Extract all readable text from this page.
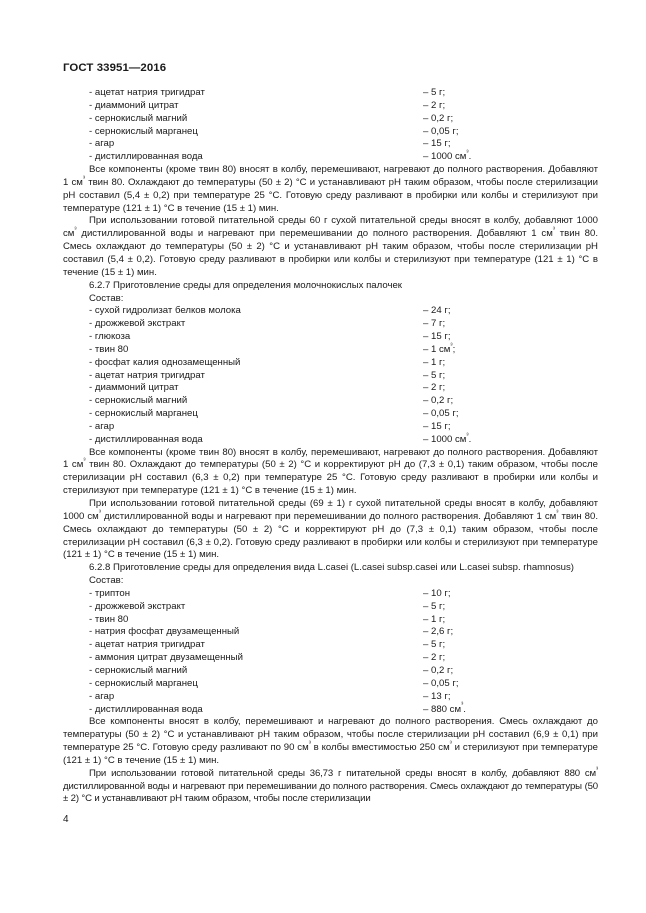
ГОСТ 33951—2016
- ацетат натрия тригидрат	– 5 г;
- диаммоний цитрат	– 2 г;
- сернокислый магний	– 0,2 г;
- сернокислый марганец	– 0,05 г;
- агар	– 15 г;
- дистиллированная вода	– 1000 $см^{^3}$.

Все компоненты (кроме твин 80) вносят в колбу, перемешивают, нагревают до полного растворения. Добавляют 1 $см^{^3}$ твин 80. Охлаждают до температуры (50 ± 2) °С и устанавливают pH таким образом, чтобы после стерилизации pH составил (5,4 ± 0,2) при температуре 25 °С. Готовую среду разливают в пробирки или колбы и стерилизуют при температуре (121 ± 1) °С в течение (15 ± 1) мин.

При использовании готовой питательной среды 60 г сухой питательной среды вносят в колбу, добавляют 1000 $см^{^3}$ дистиллированной воды и нагревают при перемешивании до полного растворения. Добавляют 1 $см^{^3}$ твин 80. Смесь охлаждают до температуры (50 ± 2) °С и устанавливают pH таким образом, чтобы после стерилизации pH составил (5,4 ± 0,2). Готовую среду разливают в пробирки или колбы и стерилизуют при температуре (121 ± 1) °С в течение (15 ± 1) мин.

6.2.7 Приготовление среды для определения молочнокислых палочек

Состав:

- сухой гидролизат белков молока	– 24 г;
- дрожжевой экстракт	– 7 г;
- глюкоза	– 15 г;
- твин 80	– 1 $см^{^3}$;
- фосфат калия однозамещенный	– 1 г;
- ацетат натрия тригидрат	– 5 г;
- диаммоний цитрат	– 2 г;
- сернокислый магний	– 0,2 г;
- сернокислый марганец	– 0,05 г;
- агар	– 15 г;
- дистиллированная вода	– 1000 $см^{^3}$.

Все компоненты (кроме твин 80) вносят в колбу, перемешивают, нагревают до полного растворения. Добавляют 1 $см^{^3}$ твин 80. Охлаждают до температуры (50 ± 2) °С и корректируют pH до (7,3 ± 0,1) таким образом, чтобы после стерилизации pH составил (6,3 ± 0,2) при температуре 25 °С. Готовую среду разливают в пробирки или колбы и стерилизуют при температуре (121 ± 1) °С в течение (15 ± 1) мин.

При использовании готовой питательной среды (69 ± 1) г сухой питательной среды вносят в колбу, добавляют 1000 $см^{^3}$ дистиллированной воды и нагревают при перемешивании до полного растворения. Добавляют 1 $см^{^3}$ твин 80. Смесь охлаждают до температуры (50 ± 2) °С и корректируют pH до (7,3 ± 0,1) таким образом, чтобы после стерилизации pH составил (6,3 ± 0,2). Готовую среду разливают в пробирки или колбы и стерилизуют при температуре (121 ± 1) °С в течение (15 ± 1) мин.

6.2.8 Приготовление среды для определения вида L.casei (L.casei subsp.casei или L.casei subsp. rhamnosus)

Состав:

- триптон	– 10 г;
- дрожжевой экстракт	– 5 г;
- твин 80	– 1 г;
- натрия фосфат двузамещенный	– 2,6 г;
- ацетат натрия тригидрат	– 5 г;
- аммония цитрат двузамещенный	– 2 г;
- сернокислый магний	– 0,2 г;
- сернокислый марганец	– 0,05 г;
- агар	– 13 г;
- дистиллированная вода	– 880 $см^{^3}$.

Все компоненты вносят в колбу, перемешивают и нагревают до полного растворения. Смесь охлаждают до температуры (50 ± 2) °С и устанавливают pH таким образом, чтобы после стерилизации pH составил (6,9 ± 0,1) при температуре 25 °С. Готовую среду разливают по 90 $см^{^3}$ в колбы вместимостью 250 $см^{^3}$ и стерилизуют при температуре (121 ± 1) °С в течение (15 ± 1) мин.

При использовании готовой питательной среды 36,73 г питательной среды вносят в колбу, добавляют 880 $см^{^3}$ дистиллированной воды и нагревают при перемешивании до полного растворения. Смесь охлаждают до температуры (50 ± 2) °С и устанавливают pH таким образом, чтобы после стерилизации

4
